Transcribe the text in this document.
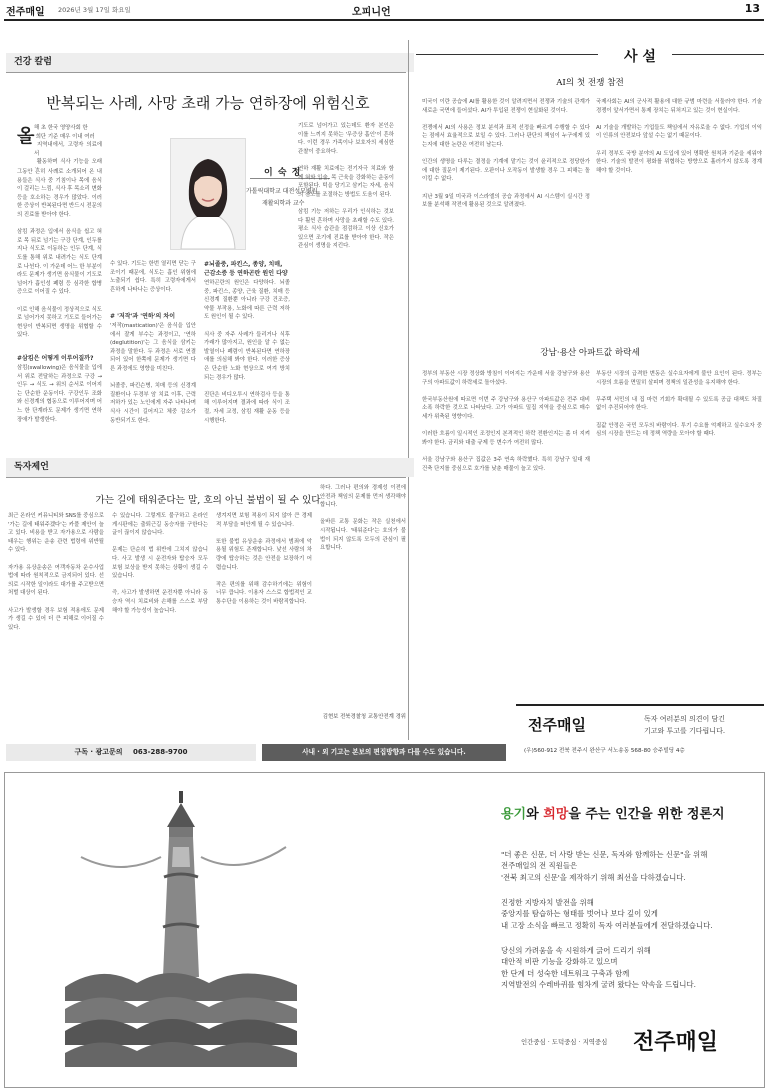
전주매일 2026년 3월 17일 화요일	오피니언	13
건강 칼럼
반복되는 사례, 사망 초래 가능 연하장에 위험신호
올 해 초 한국 영양사회 한
희단 기준 매우 이내 여러
지역내에서, 고령자 의료에서
활동하며 식사 기능을 오래

그동안 흔히 사례로 소개되어 온 내용들은 식사 중 기침이나 목에 음식이 걸리는 느낌, 식사 후 목소리 변화 등을 호소하는 경우가 많았다. 이러한 증상이 반복된다면 반드시 전문의의 진료를 받아야 한다.

삼킴 과정은 입에서 음식을 씹고 혀로 목 뒤로 넘기는 구강 단계, 인두를 지나 식도로 이동하는 인두 단계, 식도를 통해 위로 내려가는 식도 단계로 나뉜다. 이 가운데 어느 한 부분이라도 문제가 생기면 음식물이 기도로 넘어가 흡인성 폐렴 등 심각한 합병증으로 이어질 수 있다.

이로 인해 음식물이 정상적으로 식도로 넘어가지 못하고 기도로 들어가는 현상이 반복되면 생명을 위협할 수 있다.
#삼킴은 어떻게 이루어질까?
삼킴(swallowing)은 음식물을 입에서 위로 전달하는 과정으로 구강 → 인두 → 식도 → 위의 순서로 이어지는 단순한 운동이다. 구강인두 조화와 신경계의 협동으로 이루어지며 어느 한 단계라도 문제가 생기면 연하장애가 발생한다.
이 숙 정
가톨릭대학교 대전성모병원
재활의학과 교수
수 있다. 기도는 한번 열리면 닫는 구조이기 때문에, 식도는 흡인 위험에 노출되기 쉽다. 특히 고령자에게서 흔하게 나타나는 증상이다.
# '저작'과 '연하'의 차이
'저작(mastication)'은 음식을 입안에서 잘게 부수는 과정이고, '연하(deglutition)'는 그 음식을 삼키는 과정을 말한다. 두 과정은 서로 연결되어 있어 한쪽에 문제가 생기면 다른 과정에도 영향을 미친다.

뇌졸중, 파킨슨병, 치매 등의 신경계 질환이나 두경부 암 치료 이후, 근력 저하가 있는 노인에게 자주 나타나며 식사 시간이 길어지고 체중 감소가 동반되기도 한다.
#뇌졸중, 파킨스, 종양, 치매, 근감소증 등 연하곤란 원인 다양
연하곤란의 원인은 다양하다. 뇌졸중, 파킨스, 종양, 근육 질환, 치매 등 신경계 질환뿐 아니라 구강 건조증, 약물 부작용, 노화에 따른 근력 저하도 원인이 될 수 있다.

식사 중 자주 사레가 들리거나 식후 가래가 많아지고, 원인을 알 수 없는 발열이나 폐렴이 반복된다면 연하장애를 의심해 봐야 한다. 이러한 증상은 단순한 노화 현상으로 여겨 방치되는 경우가 많다.

진단은 비디오투시 연하검사 등을 통해 이루어지며 결과에 따라 식이 조절, 자세 교정, 삼킴 재활 운동 등을 시행한다.
기도로 넘어가고 있는데도 환자 본인은 이를 느끼지 못하는 '무증상 흡인'이 흔하다. 이런 경우 가족이나 보호자의 세심한 관찰이 중요하다.

연하 재활 치료에는 전기자극 치료와 함께 혀와 입술, 목 근육을 강화하는 운동이 포함된다. 턱을 당기고 삼키는 자세, 음식의 점도를 조절하는 방법도 도움이 된다.

삼킴 기능 저하는 우리가 인식하는 것보다 훨씬 흔하며 사망을 초래할 수도 있다. 평소 식사 습관을 점검하고 이상 신호가 있으면 조기에 진료를 받아야 한다. 작은 관심이 생명을 지킨다.
사 설
AI의 첫 전쟁 참전
미국이 이란 공습에 AI를 활용한 것이 알려지면서 전쟁과 기술의 관계가 새로운 국면에 들어섰다. AI가 투입된 전쟁이 현실화된 것이다.

전쟁에서 AI의 사용은 정보 분석과 표적 선정을 빠르게 수행할 수 있다는 점에서 효율적으로 보일 수 있다. 그러나 판단의 책임이 누구에게 있는지에 대한 논란은 여전히 남는다.

인간의 생명을 다루는 결정을 기계에 맡기는 것이 윤리적으로 정당한가에 대한 질문이 제기된다. 오판이나 오작동이 발생할 경우 그 피해는 돌이킬 수 없다.

지난 3월 9일 미국과 이스라엘의 공습 과정에서 AI 시스템이 실시간 정보를 분석해 작전에 활용된 것으로 알려졌다.
국제사회는 AI의 군사적 활용에 대한 규범 마련을 서둘러야 한다. 기술 경쟁이 앞서가면서 통제 장치는 뒤처지고 있는 것이 현실이다.

AI 기술을 개발하는 기업들도 책임에서 자유로울 수 없다. 기업의 이익이 인류의 안전보다 앞설 수는 없기 때문이다.

우리 정부도 국방 분야의 AI 도입에 있어 명확한 원칙과 기준을 세워야 한다. 기술의 발전이 평화를 위협하는 방향으로 흘러가지 않도록 경계해야 할 것이다.
강남·용산 아파트값 하락세
정부의 부동산 시장 정상화 방침이 이어지는 가운데 서울 강남구와 용산구의 아파트값이 하락세로 돌아섰다.

한국부동산원에 따르면 이번 주 강남구와 용산구 아파트값은 전주 대비 소폭 하락한 것으로 나타났다. 고가 아파트 밀집 지역을 중심으로 매수세가 위축된 영향이다.

이러한 흐름이 일시적인 조정인지 본격적인 하락 전환인지는 좀 더 지켜봐야 한다. 금리와 대출 규제 등 변수가 여전히 많다.

서울 강남구와 용산구 집값은 3주 연속 하락했다. 특히 강남구 일대 재건축 단지를 중심으로 호가를 낮춘 매물이 늘고 있다.
부동산 시장의 급격한 변동은 실수요자에게 불안 요인이 된다. 정부는 시장의 흐름을 면밀히 살피며 정책의 일관성을 유지해야 한다.

무주택 서민의 내 집 마련 기회가 확대될 수 있도록 공급 대책도 차질 없이 추진되어야 한다.

집값 안정은 국민 모두의 바람이다. 투기 수요를 억제하고 실수요자 중심의 시장을 만드는 데 정책 역량을 모아야 할 때다.
독자제언
가는 길에 태워준다는 말, 호의 아닌 불법이 될 수 있다
최근 온라인 커뮤니티와 SNS를 중심으로 '가는 길에 태워주겠다'는 카풀 제안이 늘고 있다. 비용을 받고 자가용으로 사람을 태우는 행위는 운송 관련 법령에 위반될 수 있다.

자가용 유상운송은 여객자동차 운수사업법에 따라 원칙적으로 금지되어 있다. 선의로 시작한 일이라도 대가를 주고받으면 처벌 대상이 된다.

사고가 발생할 경우 보험 적용에도 문제가 생길 수 있어 더 큰 피해로 이어질 수 있다.
수 있습니다. 그렇게도 불구하고 온라인 게시판에는 출퇴근길 동승자를 구한다는 글이 끊이지 않습니다.

문제는 단순히 법 위반에 그치지 않습니다. 사고 발생 시 운전자와 탑승자 모두 보험 보상을 받지 못하는 상황이 생길 수 있습니다.

즉, 사고가 발생하면 운전자뿐 아니라 동승자 역시 치료비와 손해를 스스로 부담해야 할 가능성이 높습니다.
생겨지면 보험 적용이 되지 않아 큰 경제적 부담을 떠안게 될 수 있습니다.

또한 불법 유상운송 과정에서 범죄에 악용될 위험도 존재합니다. 낯선 사람의 차량에 탑승하는 것은 안전을 보장하기 어렵습니다.

작은 편의를 위해 감수하기에는 위험이 너무 큽니다. 이용자 스스로 합법적인 교통수단을 이용하는 것이 바람직합니다.
하다. 그러나 편의와 경제성 이전에 안전과 책임의 문제를 먼저 생각해야 합니다.

올바른 교통 문화는 작은 실천에서 시작됩니다. '태워준다'는 호의가 불법이 되지 않도록 모두의 관심이 필요합니다.
김현보 전북경찰청 교통안전계 경위
구독 · 광고문의 063-288-9700	사내 · 외 기고는 본보의 편집방향과 다를 수도 있습니다.
전주매일	독자 여러분의 의견이 담긴
기고와 투고를 기다립니다.
(우)560-912 전북 전주시 완산구 서노송동 568-80 승주빌딩 4층
용기와 희망을 주는 인간을 위한 정론지
"더 좋은 신문, 더 사랑 받는 신문, 독자와 함께하는 신문"을 위해
전주매일의 전 직원들은
'전북 최고의 신문'을 제작하기 위해 최선을 다하겠습니다.
진정한 지방자치 발전을 위해
중앙지를 탐습하는 형태를 벗어나 보다 깊이 있게
내 고장 소식을 빠르고 정확히 독자 여러분들에게 전달하겠습니다.
당신의 가려움을 속 시원하게 긁어 드리기 위해
대안적 비판 기능을 강화하고 있으며
한 단계 더 성숙한 네트워크 구축과 함께
지역발전의 수레바퀴를 힘차게 굴려 왔다는 약속을 드립니다.
인간중심 · 도덕중심 · 지역중심 전주매일
